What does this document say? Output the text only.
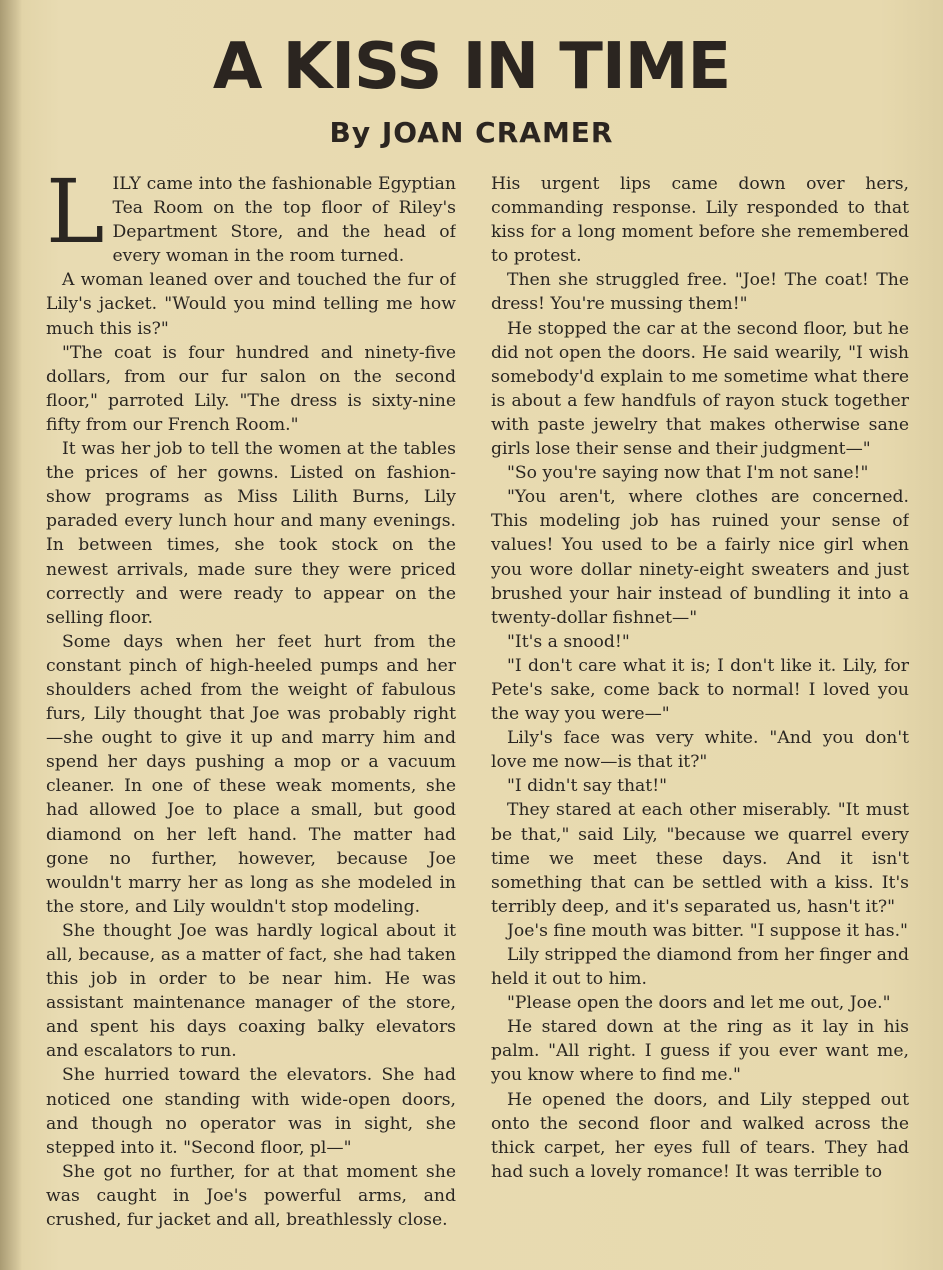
A KISS IN TIME
By JOAN CRAMER

LILY came into the fashionable Egyptian Tea Room on the top floor of Riley's Department Store, and the head of every woman in the room turned.

A woman leaned over and touched the fur of Lily's jacket. "Would you mind telling me how much this is?"

"The coat is four hundred and ninety-five dollars, from our fur salon on the second floor," parroted Lily. "The dress is sixty-nine fifty from our French Room."

It was her job to tell the women at the tables the prices of her gowns. Listed on fashion-show programs as Miss Lilith Burns, Lily paraded every lunch hour and many evenings. In between times, she took stock on the newest arrivals, made sure they were priced correctly and were ready to appear on the selling floor.

Some days when her feet hurt from the constant pinch of high-heeled pumps and her shoulders ached from the weight of fabulous furs, Lily thought that Joe was probably right —she ought to give it up and marry him and spend her days pushing a mop or a vacuum cleaner. In one of these weak moments, she had allowed Joe to place a small, but good diamond on her left hand. The matter had gone no further, however, because Joe wouldn't marry her as long as she modeled in the store, and Lily wouldn't stop modeling.

She thought Joe was hardly logical about it all, because, as a matter of fact, she had taken this job in order to be near him. He was assistant maintenance manager of the store, and spent his days coaxing balky elevators and escalators to run.

She hurried toward the elevators. She had noticed one standing with wide-open doors, and though no operator was in sight, she stepped into it. "Second floor, pl—"

She got no further, for at that moment she was caught in Joe's powerful arms, and crushed, fur jacket and all, breathlessly close.

His urgent lips came down over hers, commanding response. Lily responded to that kiss for a long moment before she remembered to protest.

Then she struggled free. "Joe! The coat! The dress! You're mussing them!"

He stopped the car at the second floor, but he did not open the doors. He said wearily, "I wish somebody'd explain to me sometime what there is about a few handfuls of rayon stuck together with paste jewelry that makes otherwise sane girls lose their sense and their judgment—"

"So you're saying now that I'm not sane!"

"You aren't, where clothes are concerned. This modeling job has ruined your sense of values! You used to be a fairly nice girl when you wore dollar ninety-eight sweaters and just brushed your hair instead of bundling it into a twenty-dollar fishnet—"

"It's a snood!"

"I don't care what it is; I don't like it. Lily, for Pete's sake, come back to normal! I loved you the way you were—"

Lily's face was very white. "And you don't love me now—is that it?"

"I didn't say that!"

They stared at each other miserably. "It must be that," said Lily, "because we quarrel every time we meet these days. And it isn't something that can be settled with a kiss. It's terribly deep, and it's separated us, hasn't it?"

Joe's fine mouth was bitter. "I suppose it has."

Lily stripped the diamond from her finger and held it out to him.

"Please open the doors and let me out, Joe."

He stared down at the ring as it lay in his palm. "All right. I guess if you ever want me, you know where to find me."

He opened the doors, and Lily stepped out onto the second floor and walked across the thick carpet, her eyes full of tears. They had had such a lovely romance! It was terrible to
